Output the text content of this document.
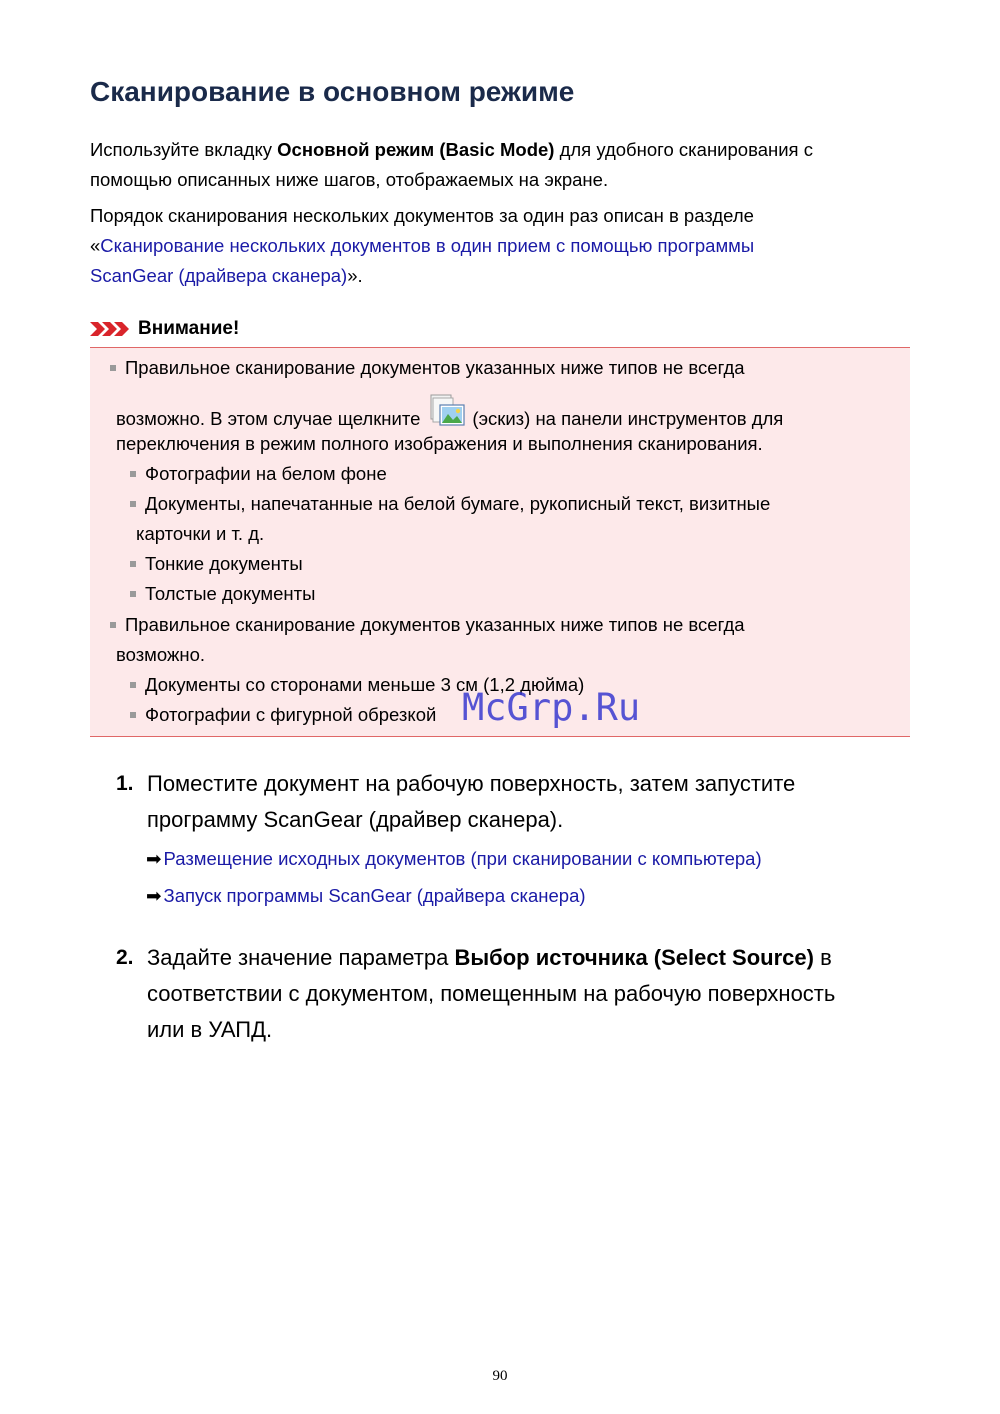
Сканирование в основном режиме

Используйте вкладку Основной режим (Basic Mode) для удобного сканирования с
помощью описанных ниже шагов, отображаемых на экране.

Порядок сканирования нескольких документов за один раз описан в разделе
«Сканирование нескольких документов в один прием с помощью программы
ScanGear (драйвера сканера)».

Внимание!
Правильное сканирование документов указанных ниже типов не всегда
возможно. В этом случае щелкните	(эскиз) на панели инструментов для
переключения в режим полного изображения и выполнения сканирования.
Фотографии на белом фоне
Документы, напечатанные на белой бумаге, рукописный текст, визитные
карточки и т. д.
Тонкие документы
Толстые документы
Правильное сканирование документов указанных ниже типов не всегда
возможно.
Документы со сторонами меньше 3 см (1,2 дюйма)
Фотографии с фигурной обрезкой McGrp.Ru
1. Поместите документ на рабочую поверхность, затем запустите
программу ScanGear (драйвер сканера).

➡ Размещение исходных документов (при сканировании с компьютера)
➡ Запуск программы ScanGear (драйвера сканера)
2. Задайте значение параметра Выбор источника (Select Source) в
соответствии с документом, помещенным на рабочую поверхность
или в УАПД.

90
